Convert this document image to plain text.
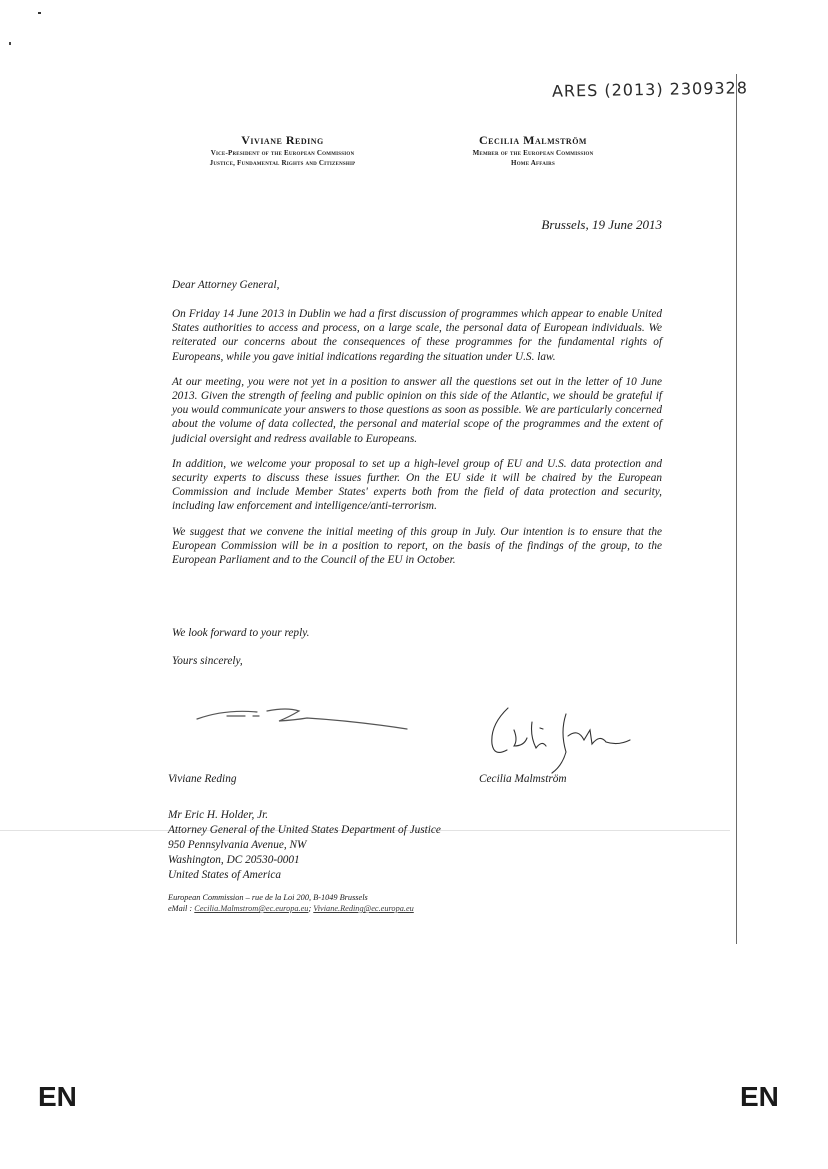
ARES (2013) 2309328
Viviane Reding
Vice-President of the European Commission
Justice, Fundamental Rights and Citizenship
Cecilia Malmström
Member of the European Commission
Home Affairs
Brussels, 19 June 2013
Dear Attorney General,

On Friday 14 June 2013 in Dublin we had a first discussion of programmes which appear to enable United States authorities to access and process, on a large scale, the personal data of European individuals. We reiterated our concerns about the consequences of these programmes for the fundamental rights of Europeans, while you gave initial indications regarding the situation under U.S. law.

At our meeting, you were not yet in a position to answer all the questions set out in the letter of 10 June 2013. Given the strength of feeling and public opinion on this side of the Atlantic, we should be grateful if you would communicate your answers to those questions as soon as possible. We are particularly concerned about the volume of data collected, the personal and material scope of the programmes and the extent of judicial oversight and redress available to Europeans.

In addition, we welcome your proposal to set up a high-level group of EU and U.S. data protection and security experts to discuss these issues further. On the EU side it will be chaired by the European Commission and include Member States' experts both from the field of data protection and security, including law enforcement and intelligence/anti-terrorism.

We suggest that we convene the initial meeting of this group in July. Our intention is to ensure that the European Commission will be in a position to report, on the basis of the findings of the group, to the European Parliament and to the Council of the EU in October.

We look forward to your reply.
Yours sincerely,
Viviane Reding	Cecilia Malmström
Mr Eric H. Holder, Jr.
Attorney General of the United States Department of Justice
950 Pennsylvania Avenue, NW
Washington, DC 20530-0001
United States of America
European Commission – rue de la Loi 200, B-1049 Brussels
eMail : Cecilia.Malmstrom@ec.europa.eu; Viviane.Reding@ec.europa.eu
EN	EN
